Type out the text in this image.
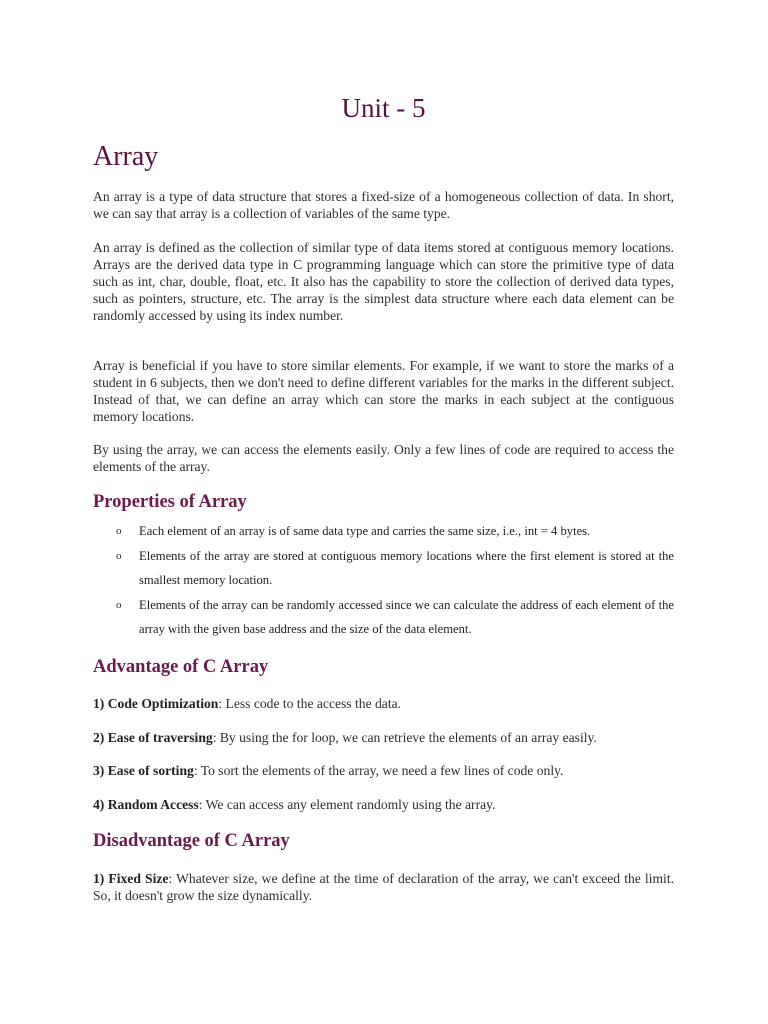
Unit - 5
Array

An array is a type of data structure that stores a fixed-size of a homogeneous collection of data. In short, we can say that array is a collection of variables of the same type.

An array is defined as the collection of similar type of data items stored at contiguous memory locations. Arrays are the derived data type in C programming language which can store the primitive type of data such as int, char, double, float, etc. It also has the capability to store the collection of derived data types, such as pointers, structure, etc. The array is the simplest data structure where each data element can be randomly accessed by using its index number.

Array is beneficial if you have to store similar elements. For example, if we want to store the marks of a student in 6 subjects, then we don't need to define different variables for the marks in the different subject. Instead of that, we can define an array which can store the marks in each subject at the contiguous memory locations.

By using the array, we can access the elements easily. Only a few lines of code are required to access the elements of the array.

Properties of Array
o Each element of an array is of same data type and carries the same size, i.e., int = 4 bytes.
o Elements of the array are stored at contiguous memory locations where the first element is stored at the smallest memory location.
o Elements of the array can be randomly accessed since we can calculate the address of each element of the array with the given base address and the size of the data element.
Advantage of C Array

1) Code Optimization: Less code to the access the data.

2) Ease of traversing: By using the for loop, we can retrieve the elements of an array easily.

3) Ease of sorting: To sort the elements of the array, we need a few lines of code only.

4) Random Access: We can access any element randomly using the array.

Disadvantage of C Array

1) Fixed Size: Whatever size, we define at the time of declaration of the array, we can't exceed the limit. So, it doesn't grow the size dynamically.
